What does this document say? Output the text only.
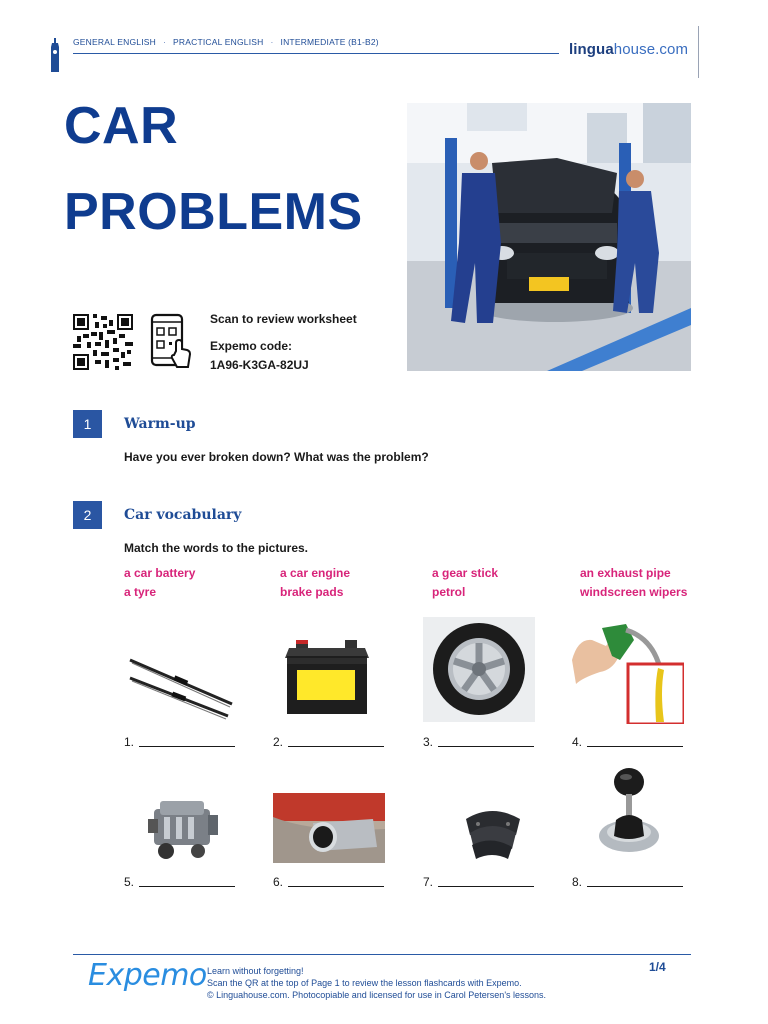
GENERAL ENGLISH · PRACTICAL ENGLISH · INTERMEDIATE (B1-B2)	linguahouse.com
CAR
PROBLEMS
Scan to review worksheet
Expemo code:
1A96-K3GA-82UJ
1	Warm-up
Have you ever broken down? What was the problem?
2	Car vocabulary
Match the words to the pictures.
a car battery
a tyre
a car engine
brake pads
a gear stick
petrol
an exhaust pipe
windscreen wipers
1.	2.	3.	4.
5.	6.	7.	8.
Expemo Learn without forgetting!
Scan the QR at the top of Page 1 to review the lesson flashcards with Expemo.
© Linguahouse.com. Photocopiable and licensed for use in Carol Petersen's lessons.
1/4
